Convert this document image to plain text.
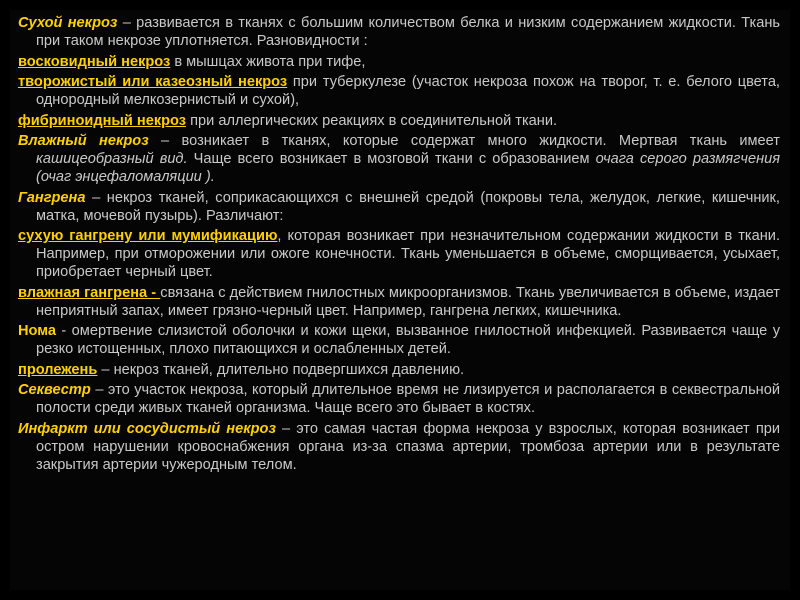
Сухой некроз – развивается в тканях с большим количеством белка и низким содержанием жидкости. Ткань при таком некрозе уплотняется. Разновидности :

восковидный некроз в мышцах живота при тифе,

творожистый или казеозный некроз при туберкулезе (участок некроза похож на творог, т. е. белого цвета, однородный мелкозернистый и сухой),

фибриноидный некроз при аллергических реакциях в соединительной ткани.

Влажный некроз – возникает в тканях, которые содержат много жидкости. Мертвая ткань имеет кашицеобразный вид. Чаще всего возникает в мозговой ткани с образованием очага серого размягчения (очаг энцефаломаляции ).

Гангрена – некроз тканей, соприкасающихся с внешней средой (покровы тела, желудок, легкие, кишечник, матка, мочевой пузырь). Различают:

сухую гангрену или мумификацию, которая возникает при незначительном содержании жидкости в ткани. Например, при отморожении или ожоге конечности. Ткань уменьшается в объеме, сморщивается, усыхает, приобретает черный цвет.

влажная гангрена - связана с действием гнилостных микроорганизмов. Ткань увеличивается в объеме, издает неприятный запах, имеет грязно-черный цвет. Например, гангрена легких, кишечника.

Нома - омертвение слизистой оболочки и кожи щеки, вызванное гнилостной инфекцией. Развивается чаще у резко истощенных, плохо питающихся и ослабленных детей.

пролежень – некроз тканей, длительно подвергшихся давлению.

Секвестр – это участок некроза, который длительное время не лизируется и располагается в секвестральной полости среди живых тканей организма. Чаще всего это бывает в костях.

Инфаркт или сосудистый некроз – это самая частая форма некроза у взрослых, которая возникает при остром нарушении кровоснабжения органа из-за спазма артерии, тромбоза артерии или в результате закрытия артерии чужеродным телом.
